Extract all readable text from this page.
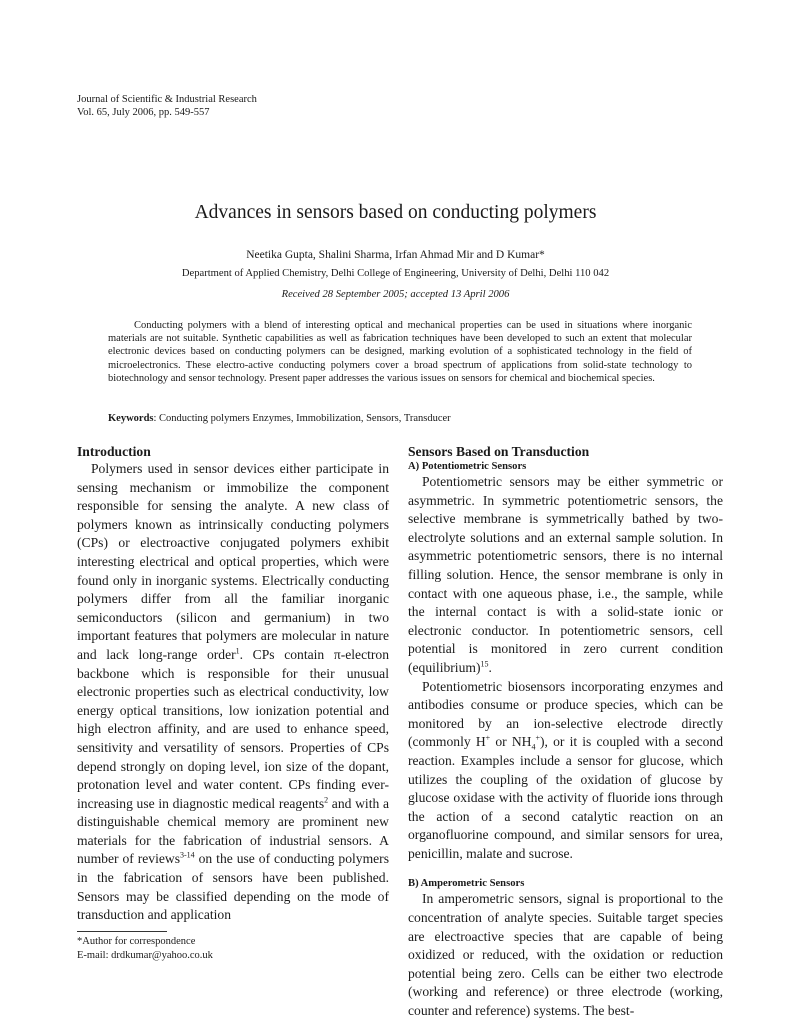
Journal of Scientific & Industrial Research
Vol. 65, July 2006, pp. 549-557
Advances in sensors based on conducting polymers
Neetika Gupta, Shalini Sharma, Irfan Ahmad Mir and D Kumar*
Department of Applied Chemistry, Delhi College of Engineering, University of Delhi, Delhi 110 042
Received 28 September 2005; accepted 13 April 2006

Conducting polymers with a blend of interesting optical and mechanical properties can be used in situations where inorganic materials are not suitable. Synthetic capabilities as well as fabrication techniques have been developed to such an extent that molecular electronic devices based on conducting polymers can be designed, marking evolution of a sophisticated technology in the field of microelectronics. These electro-active conducting polymers cover a broad spectrum of applications from solid-state technology to biotechnology and sensor technology. Present paper addresses the various issues on sensors for chemical and biochemical species.

Keywords: Conducting polymers Enzymes, Immobilization, Sensors, Transducer
Introduction

Polymers used in sensor devices either participate in sensing mechanism or immobilize the component responsible for sensing the analyte. A new class of polymers known as intrinsically conducting polymers (CPs) or electroactive conjugated polymers exhibit interesting electrical and optical properties, which were found only in inorganic systems. Electrically conducting polymers differ from all the familiar inorganic semiconductors (silicon and germanium) in two important features that polymers are molecular in nature and lack long-range order$^1$. CPs contain π-electron backbone which is responsible for their unusual electronic properties such as electrical conductivity, low energy optical transitions, low ionization potential and high electron affinity, and are used to enhance speed, sensitivity and versatility of sensors. Properties of CPs depend strongly on doping level, ion size of the dopant, protonation level and water content. CPs finding ever-increasing use in diagnostic medical reagents$^2$ and with a distinguishable chemical memory are prominent new materials for the fabrication of industrial sensors. A number of reviews$^{3-14}$ on the use of conducting polymers in the fabrication of sensors have been published. Sensors may be classified depending on the mode of transduction and application

Sensors Based on Transduction
A) Potentiometric Sensors

Potentiometric sensors may be either symmetric or asymmetric. In symmetric potentiometric sensors, the selective membrane is symmetrically bathed by two-electrolyte solutions and an external sample solution. In asymmetric potentiometric sensors, there is no internal filling solution. Hence, the sensor membrane is only in contact with one aqueous phase, i.e., the sample, while the internal contact is with a solid-state ionic or electronic conductor. In potentiometric sensors, cell potential is monitored in zero current condition (equilibrium)$^{15}$.

Potentiometric biosensors incorporating enzymes and antibodies consume or produce species, which can be monitored by an ion-selective electrode directly (commonly H+ or $NH_4^+$), or it is coupled with a second reaction. Examples include a sensor for glucose, which utilizes the coupling of the oxidation of glucose by glucose oxidase with the activity of fluoride ions through the action of a second catalytic reaction on an organofluorine compound, and similar sensors for urea, penicillin, malate and sucrose.

B) Amperometric Sensors

In amperometric sensors, signal is proportional to the concentration of analyte species. Suitable target species are electroactive species that are capable of being oxidized or reduced, with the oxidation or reduction potential being zero. Cells can be either two electrode (working and reference) or three electrode (working, counter and reference) systems. The best-

*Author for correspondence
E-mail: drdkumar@yahoo.co.uk
